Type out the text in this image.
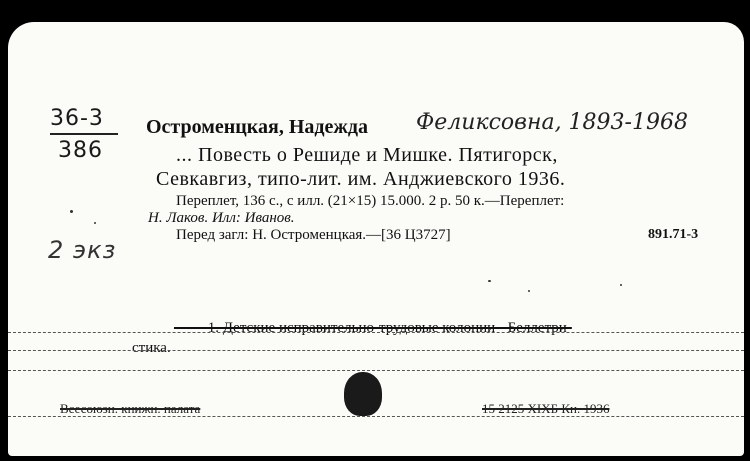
36-3
386
2 экз
Остроменцкая, Надежда Феликсовна, 1893-1968
... Повесть о Решиде и Мишке. Пятигорск,
Севкавгиз, типо-лит. им. Анджиевского 1936.
Переплет, 136 с., с илл. (21×15) 15.000. 2 р. 50 к.—Переплет:
Н. Лаков. Илл: Иванов.
Перед загл: Н. Остроменцкая.—[36 Ц3727]	891.71-3
—— 1. Детские исправительно-трудовые колонии - Беллетри-
стика.
Всесоюзн. книжн. палата	15 2125 XIXБ Кн. 1936
